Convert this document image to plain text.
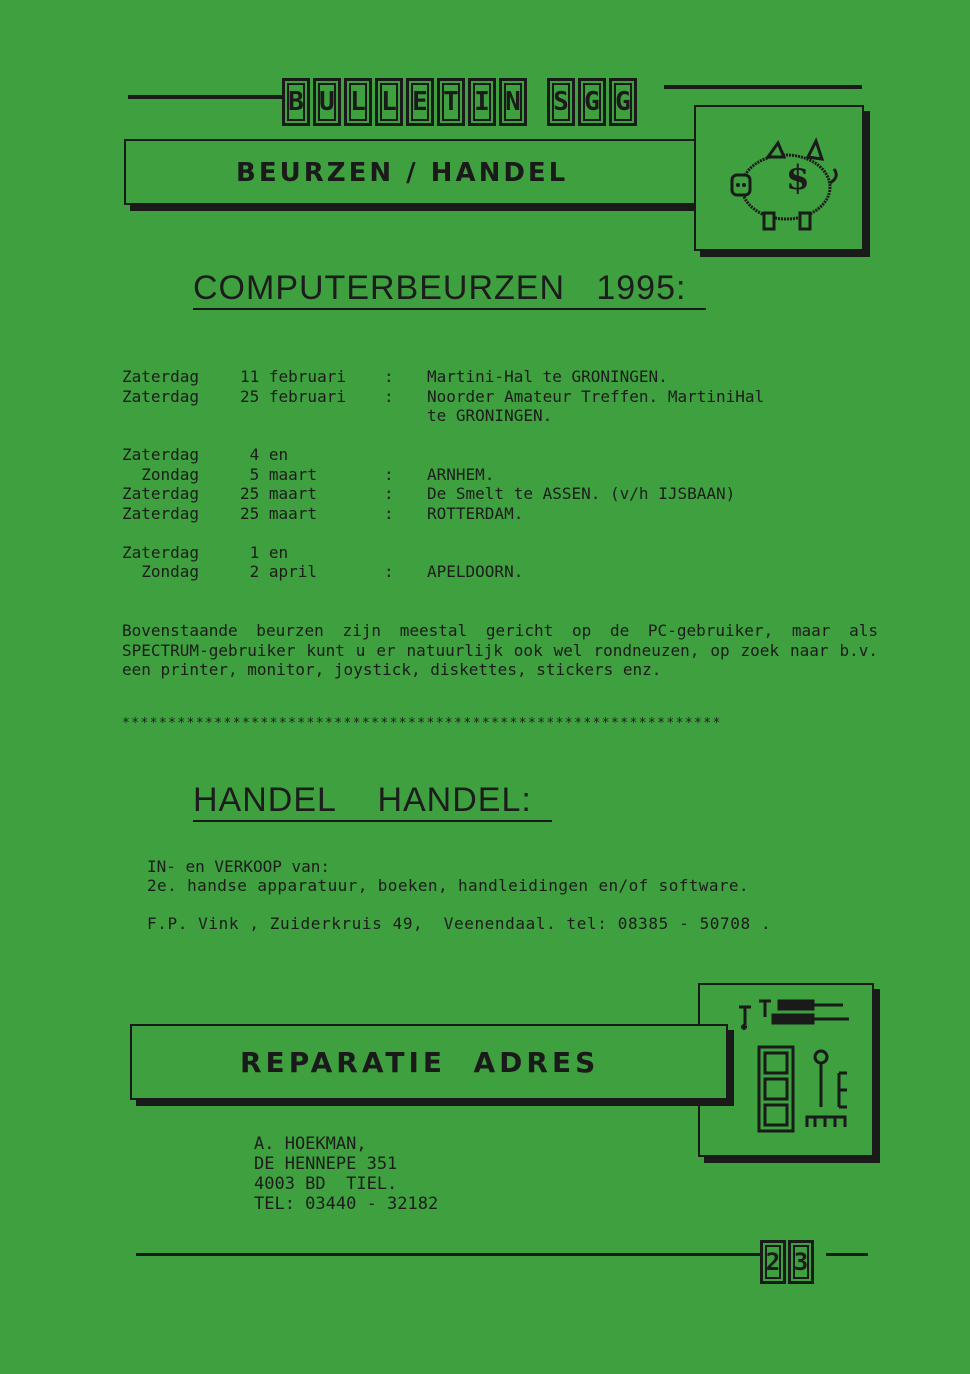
B U L L E T I N S G G
BEURZEN / HANDEL	$
COMPUTERBEURZEN   1995:
Zaterdag	11 februari : Martini-Hal te GRONINGEN.
Zaterdag	25 februari : Noorder Amateur Treffen. MartiniHal
te GRONINGEN.
Zaterdag	4 en
Zondag	5 maart	: ARNHEM.
Zaterdag	25 maart	: De Smelt te ASSEN. (v/h IJSBAAN)
Zaterdag	25 maart	: ROTTERDAM.
Zaterdag	1 en
Zondag	2 april	: APELDOORN.
Bovenstaande beurzen zijn meestal gericht op de PC-gebruiker, maar als SPECTRUM-gebruiker kunt u er natuurlijk ook wel rondneuzen, op zoek naar b.v. een printer, monitor, joystick, diskettes, stickers enz.
*****************************************************************
HANDEL    HANDEL:
IN- en VERKOOP van:
2e. handse apparatuur, boeken, handleidingen en/of software.
F.P. Vink , Zuiderkruis 49,  Veenendaal. tel: 08385 - 50708 .
REPARATIE  ADRES
A. HOEKMAN,
DE HENNEPE 351
4003 BD  TIEL.
TEL: 03440 - 32182
2 3
